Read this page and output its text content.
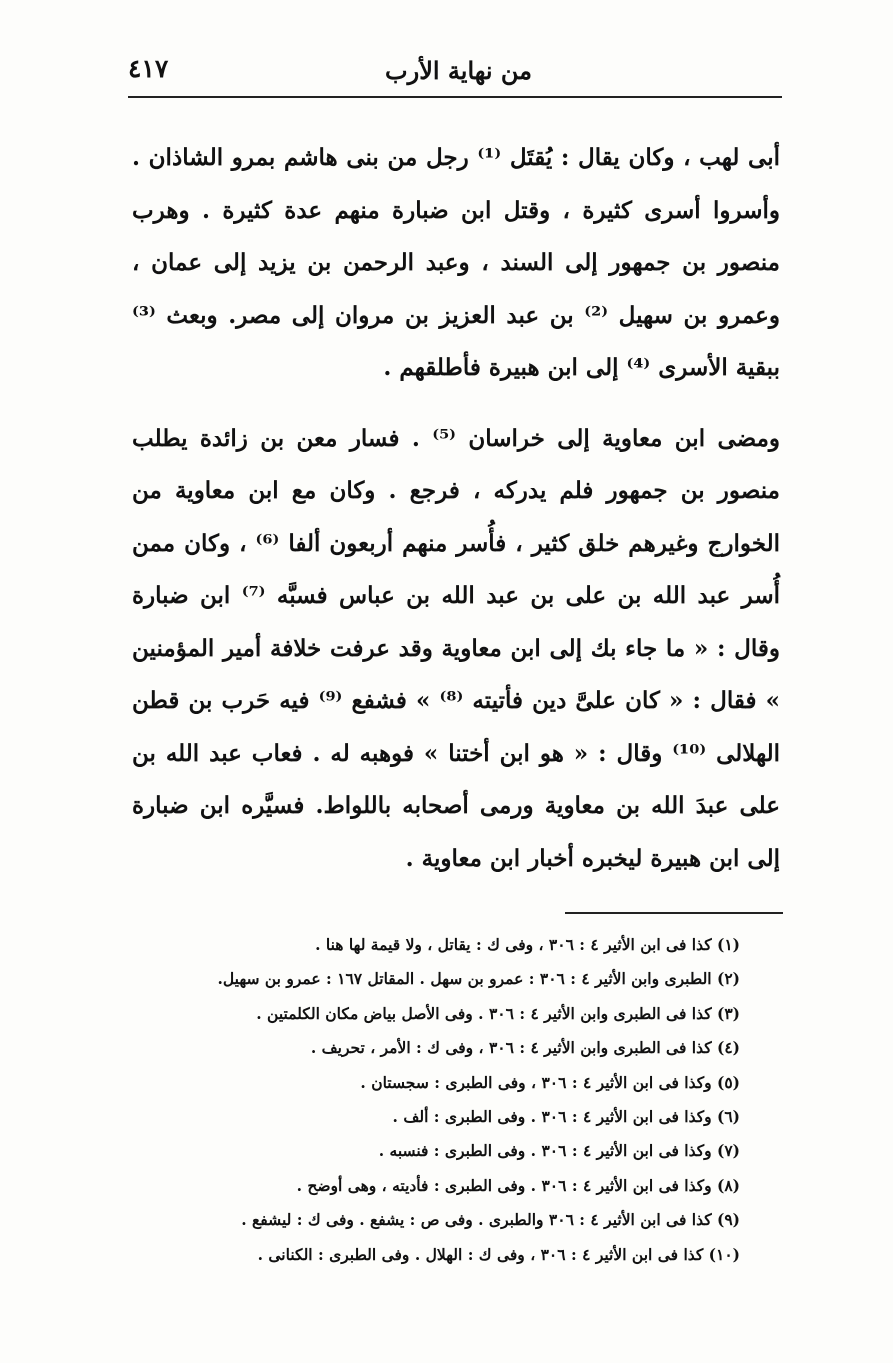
من نهاية الأرب
٤١٧

أبى لهب ، وكان يقال : يُقتَل ⁽¹⁾ رجل من بنى هاشم بمرو الشاذان . وأسروا أسرى كثيرة ، وقتل ابن ضبارة منهم عدة كثيرة . وهرب منصور بن جمهور إلى السند ، وعبد الرحمن بن يزيد إلى عمان ، وعمرو بن سهيل ⁽²⁾ بن عبد العزيز بن مروان إلى مصر. وبعث ⁽³⁾ ببقية الأسرى ⁽⁴⁾ إلى ابن هبيرة فأطلقهم .

ومضى ابن معاوية إلى خراسان ⁽⁵⁾ . فسار معن بن زائدة يطلب منصور بن جمهور فلم يدركه ، فرجع . وكان مع ابن معاوية من الخوارج وغيرهم خلق كثير ، فأُسر منهم أربعون ألفا ⁽⁶⁾ ، وكان ممن أُسر عبد الله بن على بن عبد الله بن عباس فسبَّه ⁽⁷⁾ ابن ضبارة وقال : « ما جاء بك إلى ابن معاوية وقد عرفت خلافة أمير المؤمنين » فقال : « كان علىَّ دين فأتيته ⁽⁸⁾ » فشفع ⁽⁹⁾ فيه حَرب بن قطن الهلالى ⁽¹⁰⁾ وقال : « هو ابن أختنا » فوهبه له . فعاب عبد الله بن على عبدَ الله بن معاوية ورمى أصحابه باللواط. فسيَّره ابن ضبارة إلى ابن هبيرة ليخبره أخبار ابن معاوية .

(١) كذا فى ابن الأثير ٤ : ٣٠٦ ، وفى ك : يقاتل ، ولا قيمة لها هنا .

(٢) الطبرى وابن الأثير ٤ : ٣٠٦ : عمرو بن سهل . المقاتل ١٦٧ : عمرو بن سهيل.

(٣) كذا فى الطبرى وابن الأثير ٤ : ٣٠٦ . وفى الأصل بياض مكان الكلمتين .

(٤) كذا فى الطبرى وابن الأثير ٤ : ٣٠٦ ، وفى ك : الأمر ، تحريف .

(٥) وكذا فى ابن الأثير ٤ : ٣٠٦ ، وفى الطبرى : سجستان .

(٦) وكذا فى ابن الأثير ٤ : ٣٠٦ . وفى الطبرى : ألف .

(٧) وكذا فى ابن الأثير ٤ : ٣٠٦ . وفى الطبرى : فنسبه .

(٨) وكذا فى ابن الأثير ٤ : ٣٠٦ . وفى الطبرى : فأديته ، وهى أوضح .

(٩) كذا فى ابن الأثير ٤ : ٣٠٦ والطبرى . وفى ص : يشفع . وفى ك : ليشفع .

(١٠) كذا فى ابن الأثير ٤ : ٣٠٦ ، وفى ك : الهلال . وفى الطبرى : الكنانى .
